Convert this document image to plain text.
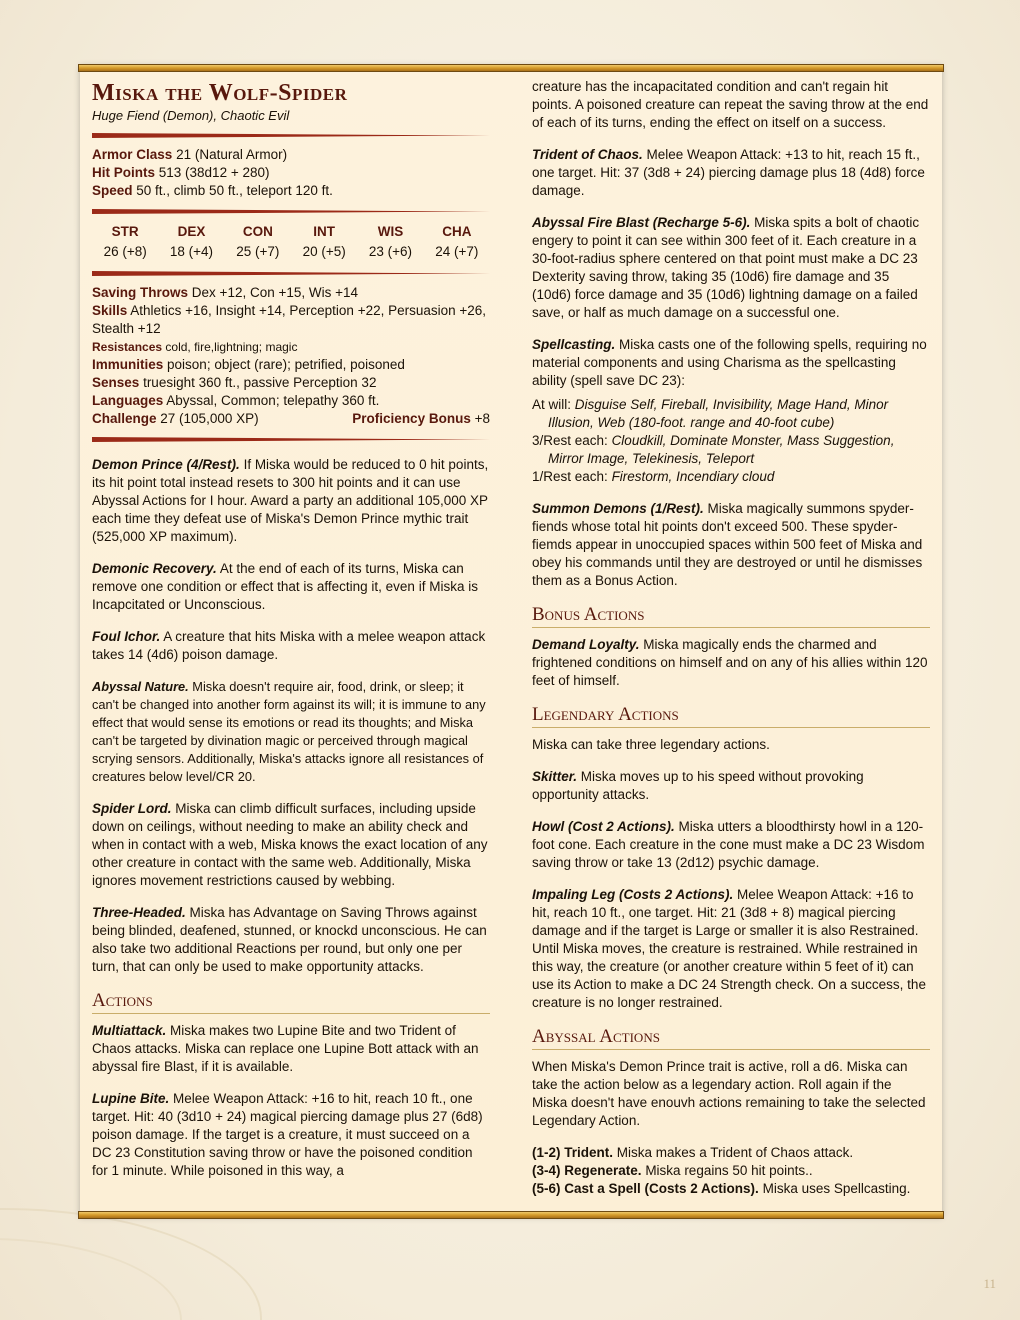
Miska the Wolf-Spider
Huge Fiend (Demon), Chaotic Evil
Armor Class 21 (Natural Armor)
Hit Points 513 (38d12 + 280)
Speed 50 ft., climb 50 ft., teleport 120 ft.
STR	DEX	CON	INT	WIS	CHA
26 (+8)	18 (+4)	25 (+7)	20 (+5)	23 (+6)	24 (+7)
Saving Throws Dex +12, Con +15, Wis +14
Skills Athletics +16, Insight +14, Perception +22, Persuasion +26, Stealth +12
Resistances cold, fire,lightning; magic
Immunities poison; object (rare); petrified, poisoned
Senses truesight 360 ft., passive Perception 32
Languages Abyssal, Common; telepathy 360 ft.
Challenge 27 (105,000 XP)	Proficiency Bonus +8

Demon Prince (4/Rest). If Miska would be reduced to 0 hit points, its hit point total instead resets to 300 hit points and it can use Abyssal Actions for I hour. Award a party an additional 105,000 XP each time they defeat use of Miska's Demon Prince mythic trait (525,000 XP maximum).

Demonic Recovery. At the end of each of its turns, Miska can remove one condition or effect that is affecting it, even if Miska is Incapcitated or Unconscious.

Foul Ichor. A creature that hits Miska with a melee weapon attack takes 14 (4d6) poison damage.

Abyssal Nature. Miska doesn't require air, food, drink, or sleep; it can't be changed into another form against its will; it is immune to any effect that would sense its emotions or read its thoughts; and Miska can't be targeted by divination magic or perceived through magical scrying sensors. Additionally, Miska's attacks ignore all resistances of creatures below level/CR 20.

Spider Lord. Miska can climb difficult surfaces, including upside down on ceilings, without needing to make an ability check and when in contact with a web, Miska knows the exact location of any other creature in contact with the same web. Additionally, Miska ignores movement restrictions caused by webbing.

Three-Headed. Miska has Advantage on Saving Throws against being blinded, deafened, stunned, or knockd unconscious. He can also take two additional Reactions per round, but only one per turn, that can only be used to make opportunity attacks.

Actions

Multiattack. Miska makes two Lupine Bite and two Trident of Chaos attacks. Miska can replace one Lupine Bott attack with an abyssal fire Blast, if it is available.

Lupine Bite. Melee Weapon Attack: +16 to hit, reach 10 ft., one target. Hit: 40 (3d10 + 24) magical piercing damage plus 27 (6d8) poison damage. If the target is a creature, it must succeed on a DC 23 Constitution saving throw or have the poisoned condition for 1 minute. While poisoned in this way, a

creature has the incapacitated condition and can't regain hit points. A poisoned creature can repeat the saving throw at the end of each of its turns, ending the effect on itself on a success.

Trident of Chaos. Melee Weapon Attack: +13 to hit, reach 15 ft., one target. Hit: 37 (3d8 + 24) piercing damage plus 18 (4d8) force damage.

Abyssal Fire Blast (Recharge 5-6). Miska spits a bolt of chaotic engery to point it can see within 300 feet of it. Each creature in a 30-foot-radius sphere centered on that point must make a DC 23 Dexterity saving throw, taking 35 (10d6) fire damage and 35 (10d6) force damage and 35 (10d6) lightning damage on a failed save, or half as much damage on a successful one.

Spellcasting. Miska casts one of the following spells, requiring no material components and using Charisma as the spellcasting ability (spell save DC 23):

At will: Disguise Self, Fireball, Invisibility, Mage Hand, Minor Illusion, Web (180-foot. range and 40-foot cube)
3/Rest each: Cloudkill, Dominate Monster, Mass Suggestion, Mirror Image, Telekinesis, Teleport
1/Rest each: Firestorm, Incendiary cloud

Summon Demons (1/Rest). Miska magically summons spyder-fiends whose total hit points don't exceed 500. These spyder-fiemds appear in unoccupied spaces within 500 feet of Miska and obey his commands until they are destroyed or until he dismisses them as a Bonus Action.

Bonus Actions

Demand Loyalty. Miska magically ends the charmed and frightened conditions on himself and on any of his allies within 120 feet of himself.

Legendary Actions

Miska can take three legendary actions.

Skitter. Miska moves up to his speed without provoking opportunity attacks.

Howl (Cost 2 Actions). Miska utters a bloodthirsty howl in a 120-foot cone. Each creature in the cone must make a DC 23 Wisdom saving throw or take 13 (2d12) psychic damage.

Impaling Leg (Costs 2 Actions). Melee Weapon Attack: +16 to hit, reach 10 ft., one target. Hit: 21 (3d8 + 8) magical piercing damage and if the target is Large or smaller it is also Restrained. Until Miska moves, the creature is restrained. While restrained in this way, the creature (or another creature within 5 feet of it) can use its Action to make a DC 24 Strength check. On a success, the creature is no longer restrained.

Abyssal Actions

When Miska's Demon Prince trait is active, roll a d6. Miska can take the action below as a legendary action. Roll again if the Miska doesn't have enouvh actions remaining to take the selected Legendary Action.

(1-2) Trident. Miska makes a Trident of Chaos attack.
(3-4) Regenerate. Miska regains 50 hit points..
(5-6) Cast a Spell (Costs 2 Actions). Miska uses Spellcasting.
11
